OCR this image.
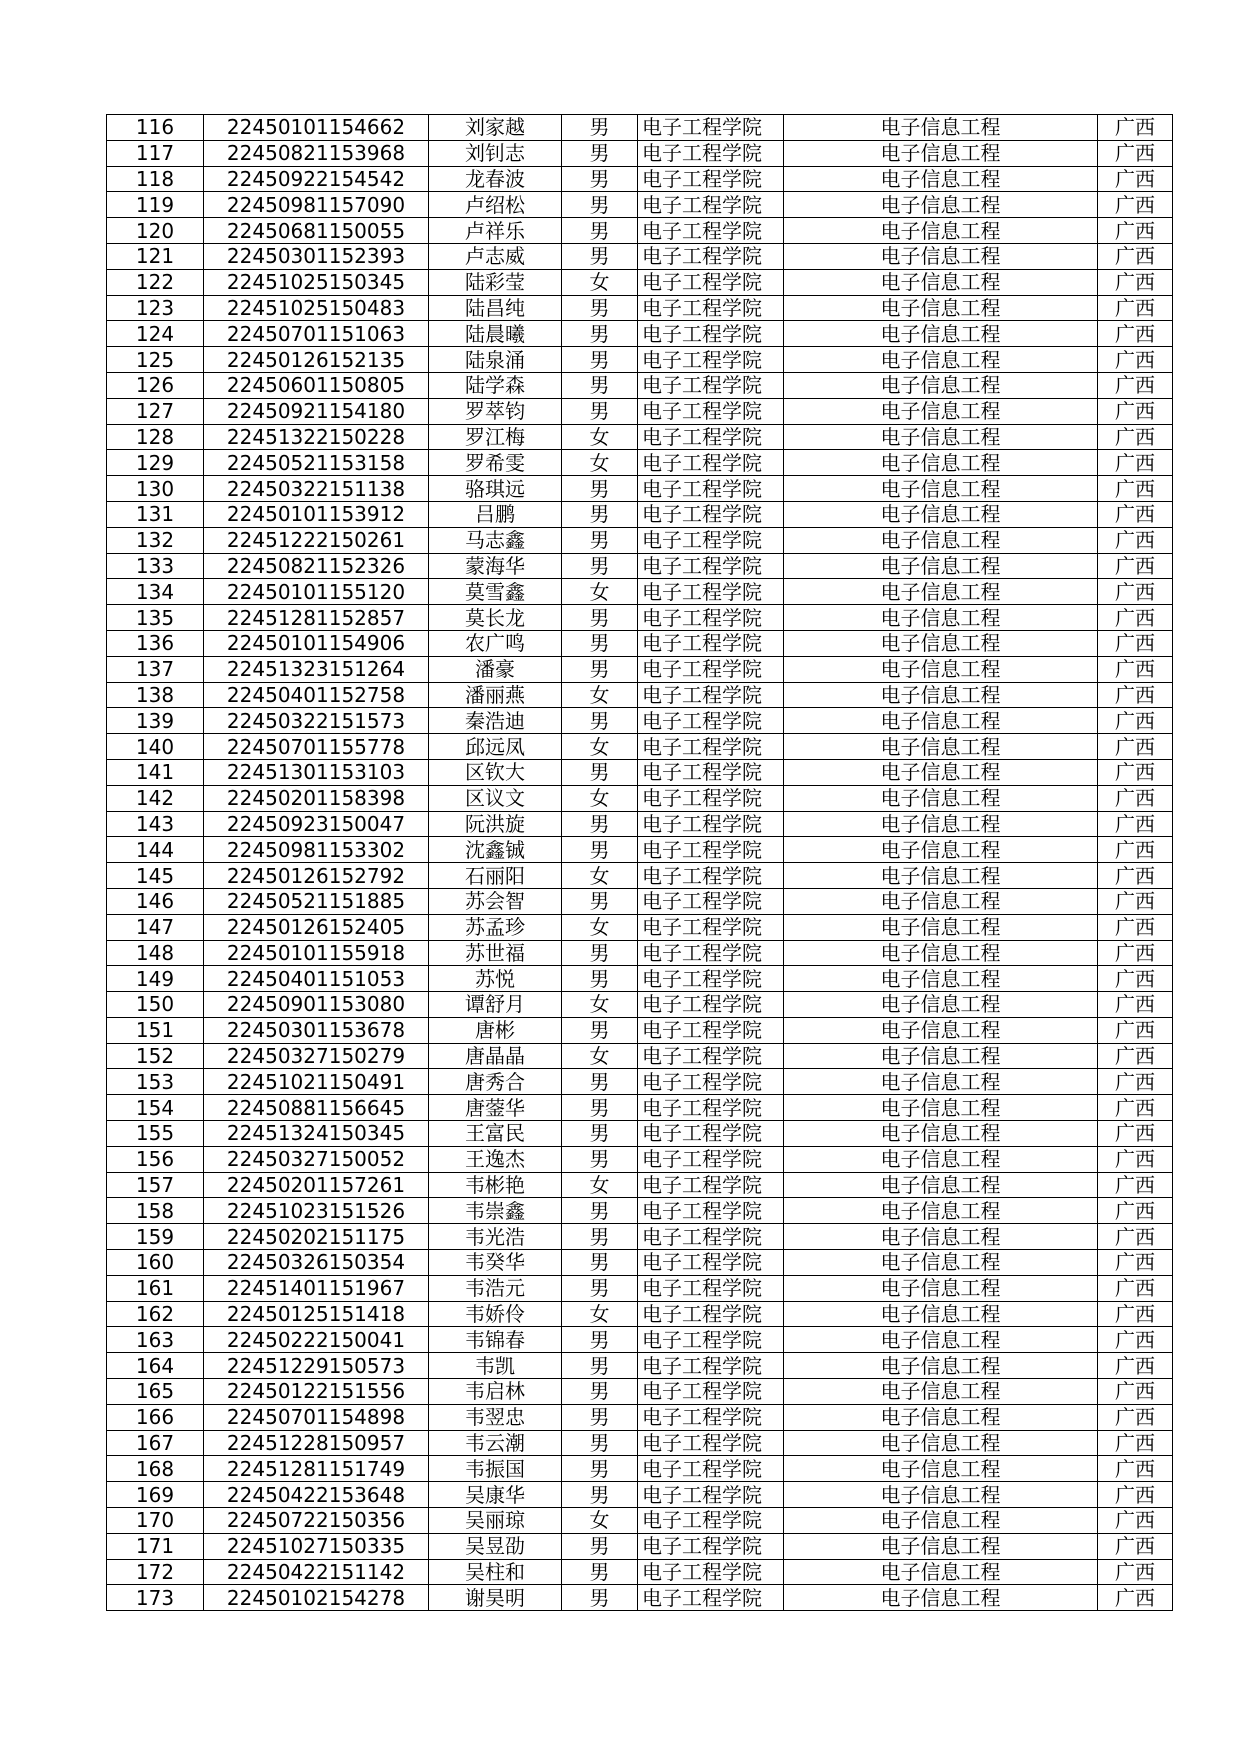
116	22450101154662	刘家越	男	电子工程学院	电子信息工程	广西
117	22450821153968	刘钊志	男	电子工程学院	电子信息工程	广西
118	22450922154542	龙春波	男	电子工程学院	电子信息工程	广西
119	22450981157090	卢绍松	男	电子工程学院	电子信息工程	广西
120	22450681150055	卢祥乐	男	电子工程学院	电子信息工程	广西
121	22450301152393	卢志威	男	电子工程学院	电子信息工程	广西
122	22451025150345	陆彩莹	女	电子工程学院	电子信息工程	广西
123	22451025150483	陆昌纯	男	电子工程学院	电子信息工程	广西
124	22450701151063	陆晨曦	男	电子工程学院	电子信息工程	广西
125	22450126152135	陆泉涌	男	电子工程学院	电子信息工程	广西
126	22450601150805	陆学森	男	电子工程学院	电子信息工程	广西
127	22450921154180	罗萃钧	男	电子工程学院	电子信息工程	广西
128	22451322150228	罗江梅	女	电子工程学院	电子信息工程	广西
129	22450521153158	罗希雯	女	电子工程学院	电子信息工程	广西
130	22450322151138	骆琪远	男	电子工程学院	电子信息工程	广西
131	22450101153912	吕鹏	男	电子工程学院	电子信息工程	广西
132	22451222150261	马志鑫	男	电子工程学院	电子信息工程	广西
133	22450821152326	蒙海华	男	电子工程学院	电子信息工程	广西
134	22450101155120	莫雪鑫	女	电子工程学院	电子信息工程	广西
135	22451281152857	莫长龙	男	电子工程学院	电子信息工程	广西
136	22450101154906	农广鸣	男	电子工程学院	电子信息工程	广西
137	22451323151264	潘豪	男	电子工程学院	电子信息工程	广西
138	22450401152758	潘丽燕	女	电子工程学院	电子信息工程	广西
139	22450322151573	秦浩迪	男	电子工程学院	电子信息工程	广西
140	22450701155778	邱远凤	女	电子工程学院	电子信息工程	广西
141	22451301153103	区钦大	男	电子工程学院	电子信息工程	广西
142	22450201158398	区议文	女	电子工程学院	电子信息工程	广西
143	22450923150047	阮洪旋	男	电子工程学院	电子信息工程	广西
144	22450981153302	沈鑫铖	男	电子工程学院	电子信息工程	广西
145	22450126152792	石丽阳	女	电子工程学院	电子信息工程	广西
146	22450521151885	苏会智	男	电子工程学院	电子信息工程	广西
147	22450126152405	苏孟珍	女	电子工程学院	电子信息工程	广西
148	22450101155918	苏世福	男	电子工程学院	电子信息工程	广西
149	22450401151053	苏悦	男	电子工程学院	电子信息工程	广西
150	22450901153080	谭舒月	女	电子工程学院	电子信息工程	广西
151	22450301153678	唐彬	男	电子工程学院	电子信息工程	广西
152	22450327150279	唐晶晶	女	电子工程学院	电子信息工程	广西
153	22451021150491	唐秀合	男	电子工程学院	电子信息工程	广西
154	22450881156645	唐蓥华	男	电子工程学院	电子信息工程	广西
155	22451324150345	王富民	男	电子工程学院	电子信息工程	广西
156	22450327150052	王逸杰	男	电子工程学院	电子信息工程	广西
157	22450201157261	韦彬艳	女	电子工程学院	电子信息工程	广西
158	22451023151526	韦崇鑫	男	电子工程学院	电子信息工程	广西
159	22450202151175	韦光浩	男	电子工程学院	电子信息工程	广西
160	22450326150354	韦癸华	男	电子工程学院	电子信息工程	广西
161	22451401151967	韦浩元	男	电子工程学院	电子信息工程	广西
162	22450125151418	韦娇伶	女	电子工程学院	电子信息工程	广西
163	22450222150041	韦锦春	男	电子工程学院	电子信息工程	广西
164	22451229150573	韦凯	男	电子工程学院	电子信息工程	广西
165	22450122151556	韦启林	男	电子工程学院	电子信息工程	广西
166	22450701154898	韦翌忠	男	电子工程学院	电子信息工程	广西
167	22451228150957	韦云潮	男	电子工程学院	电子信息工程	广西
168	22451281151749	韦振国	男	电子工程学院	电子信息工程	广西
169	22450422153648	吴康华	男	电子工程学院	电子信息工程	广西
170	22450722150356	吴丽琼	女	电子工程学院	电子信息工程	广西
171	22451027150335	吴昱劭	男	电子工程学院	电子信息工程	广西
172	22450422151142	吴柱和	男	电子工程学院	电子信息工程	广西
173	22450102154278	谢昊明	男	电子工程学院	电子信息工程	广西
